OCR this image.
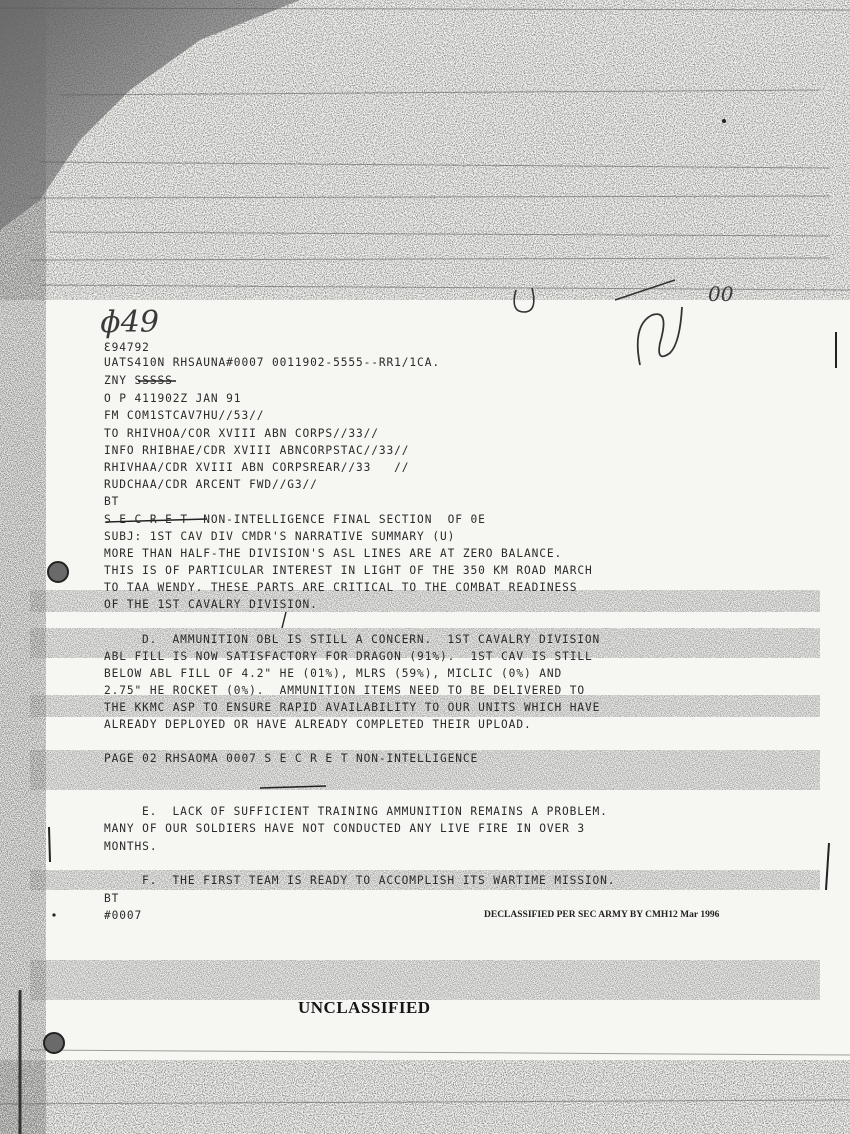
ɸ49
00

Ɛ94792

UATS410N RHSAUNA#0007 0011902-5555--RR1/1CA.

ZNY SSSSS

O P 411902Z JAN 91

FM COM1STCAV7HU//53//

TO RHIVHOA/COR XVIII ABN CORPS//33//

INFO RHIBHAE/CDR XVIII ABNCORPSTAC//33//

RHIVHAA/CDR XVIII ABN CORPSREAR//33   //

RUDCHAA/CDR ARCENT FWD//G3//

BT

S E C R E T  NON-INTELLIGENCE FINAL SECTION  OF 0E

SUBJ: 1ST CAV DIV CMDR'S NARRATIVE SUMMARY (U)

MORE THAN HALF-THE DIVISION'S ASL LINES ARE AT ZERO BALANCE.

THIS IS OF PARTICULAR INTEREST IN LIGHT OF THE 350 KM ROAD MARCH

TO TAA WENDY. THESE PARTS ARE CRITICAL TO THE COMBAT READINESS

OF THE 1ST CAVALRY DIVISION.

D.  AMMUNITION OBL IS STILL A CONCERN.  1ST CAVALRY DIVISION

ABL FILL IS NOW SATISFACTORY FOR DRAGON (91%).  1ST CAV IS STILL

BELOW ABL FILL OF 4.2" HE (01%), MLRS (59%), MICLIC (0%) AND

2.75" HE ROCKET (0%).  AMMUNITION ITEMS NEED TO BE DELIVERED TO

THE KKMC ASP TO ENSURE RAPID AVAILABILITY TO OUR UNITS WHICH HAVE

ALREADY DEPLOYED OR HAVE ALREADY COMPLETED THEIR UPLOAD.

PAGE 02 RHSAOMA 0007 S E C R E T NON-INTELLIGENCE

E.  LACK OF SUFFICIENT TRAINING AMMUNITION REMAINS A PROBLEM.

MANY OF OUR SOLDIERS HAVE NOT CONDUCTED ANY LIVE FIRE IN OVER 3

MONTHS.

F.  THE FIRST TEAM IS READY TO ACCOMPLISH ITS WARTIME MISSION.

BT

#0007	DECLASSIFIED PER SEC ARMY BY CMH12 Mar 1996

UNCLASSIFIED
